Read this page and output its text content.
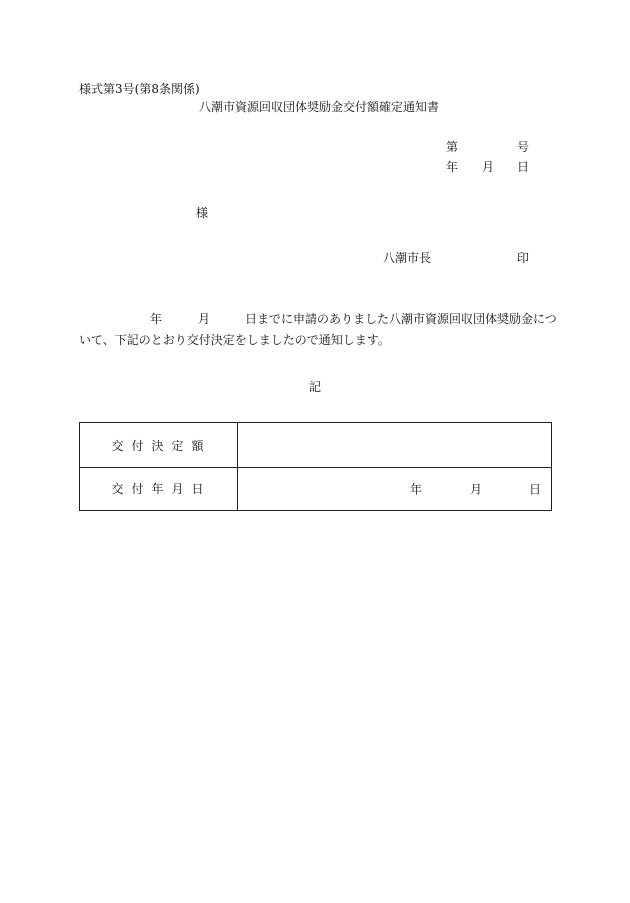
様式第3号(第8条関係)
八潮市資源回収団体奨励金交付額確定通知書
第	号
年 月 日
様
八潮市長	印
年	月	日までに申請のありました八潮市資源回収団体奨励金につ
いて、下記のとおり交付決定をしましたので通知します。
記
交付決定額
交付年月日	年	月	日
